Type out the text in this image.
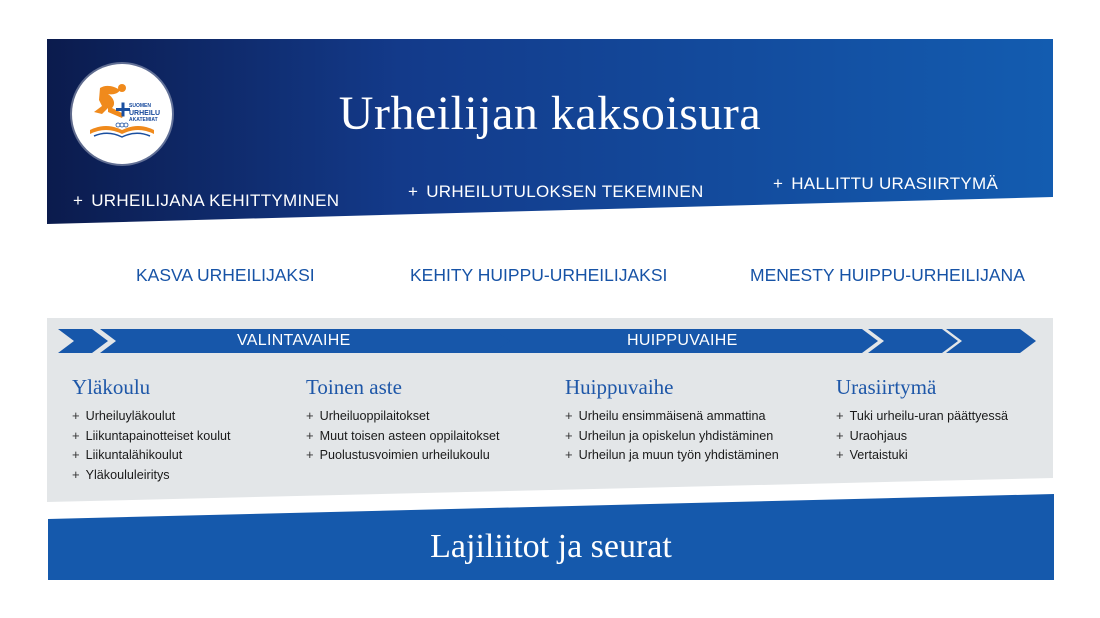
SUOMEN
URHEILU
AKATEMIAT	Urheilijan kaksoisura
+ URHEILIJANA KEHITTYMINEN	+ URHEILUTULOKSEN TEKEMINEN	+ HALLITTU URASIIRTYMÄ
KASVA URHEILIJAKSI	KEHITY HUIPPU-URHEILIJAKSI	MENESTY HUIPPU-URHEILIJANA
VALINTAVAIHE	HUIPPUVAIHE
Yläkoulu
+ Urheiluyläkoulut
+ Liikuntapainotteiset koulut
+ Liikuntalähikoulut
+ Yläkoululeiritys
Toinen aste
+ Urheiluoppilaitokset
+ Muut toisen asteen oppilaitokset
+ Puolustusvoimien urheilukoulu
Huippuvaihe
+ Urheilu ensimmäisenä ammattina
+ Urheilun ja opiskelun yhdistäminen
+ Urheilun ja muun työn yhdistäminen
Urasiirtymä
+ Tuki urheilu-uran päättyessä
+ Uraohjaus
+ Vertaistuki
Lajiliitot ja seurat
